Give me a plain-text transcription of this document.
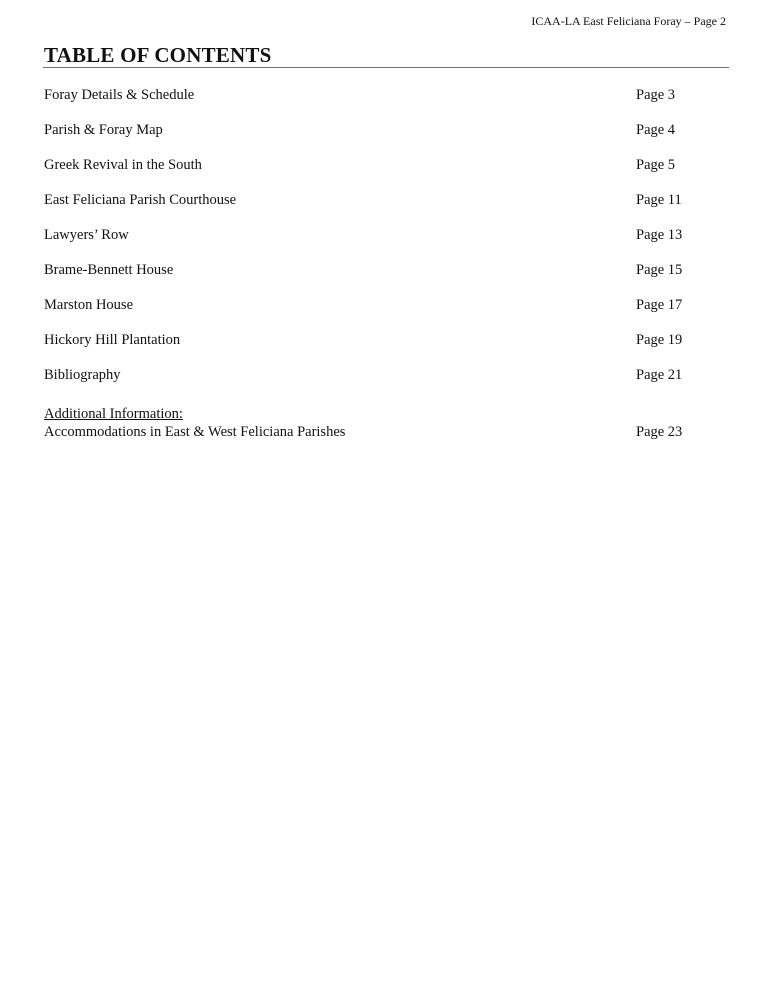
ICAA-LA East Feliciana Foray – Page 2
TABLE OF CONTENTS
Foray Details & Schedule	Page 3
Parish & Foray Map	Page 4
Greek Revival in the South	Page 5
East Feliciana Parish Courthouse	Page 11
Lawyers’ Row	Page 13
Brame-Bennett House	Page 15
Marston House	Page 17
Hickory Hill Plantation	Page 19
Bibliography	Page 21
Additional Information:
Accommodations in East & West Feliciana Parishes	Page 23
